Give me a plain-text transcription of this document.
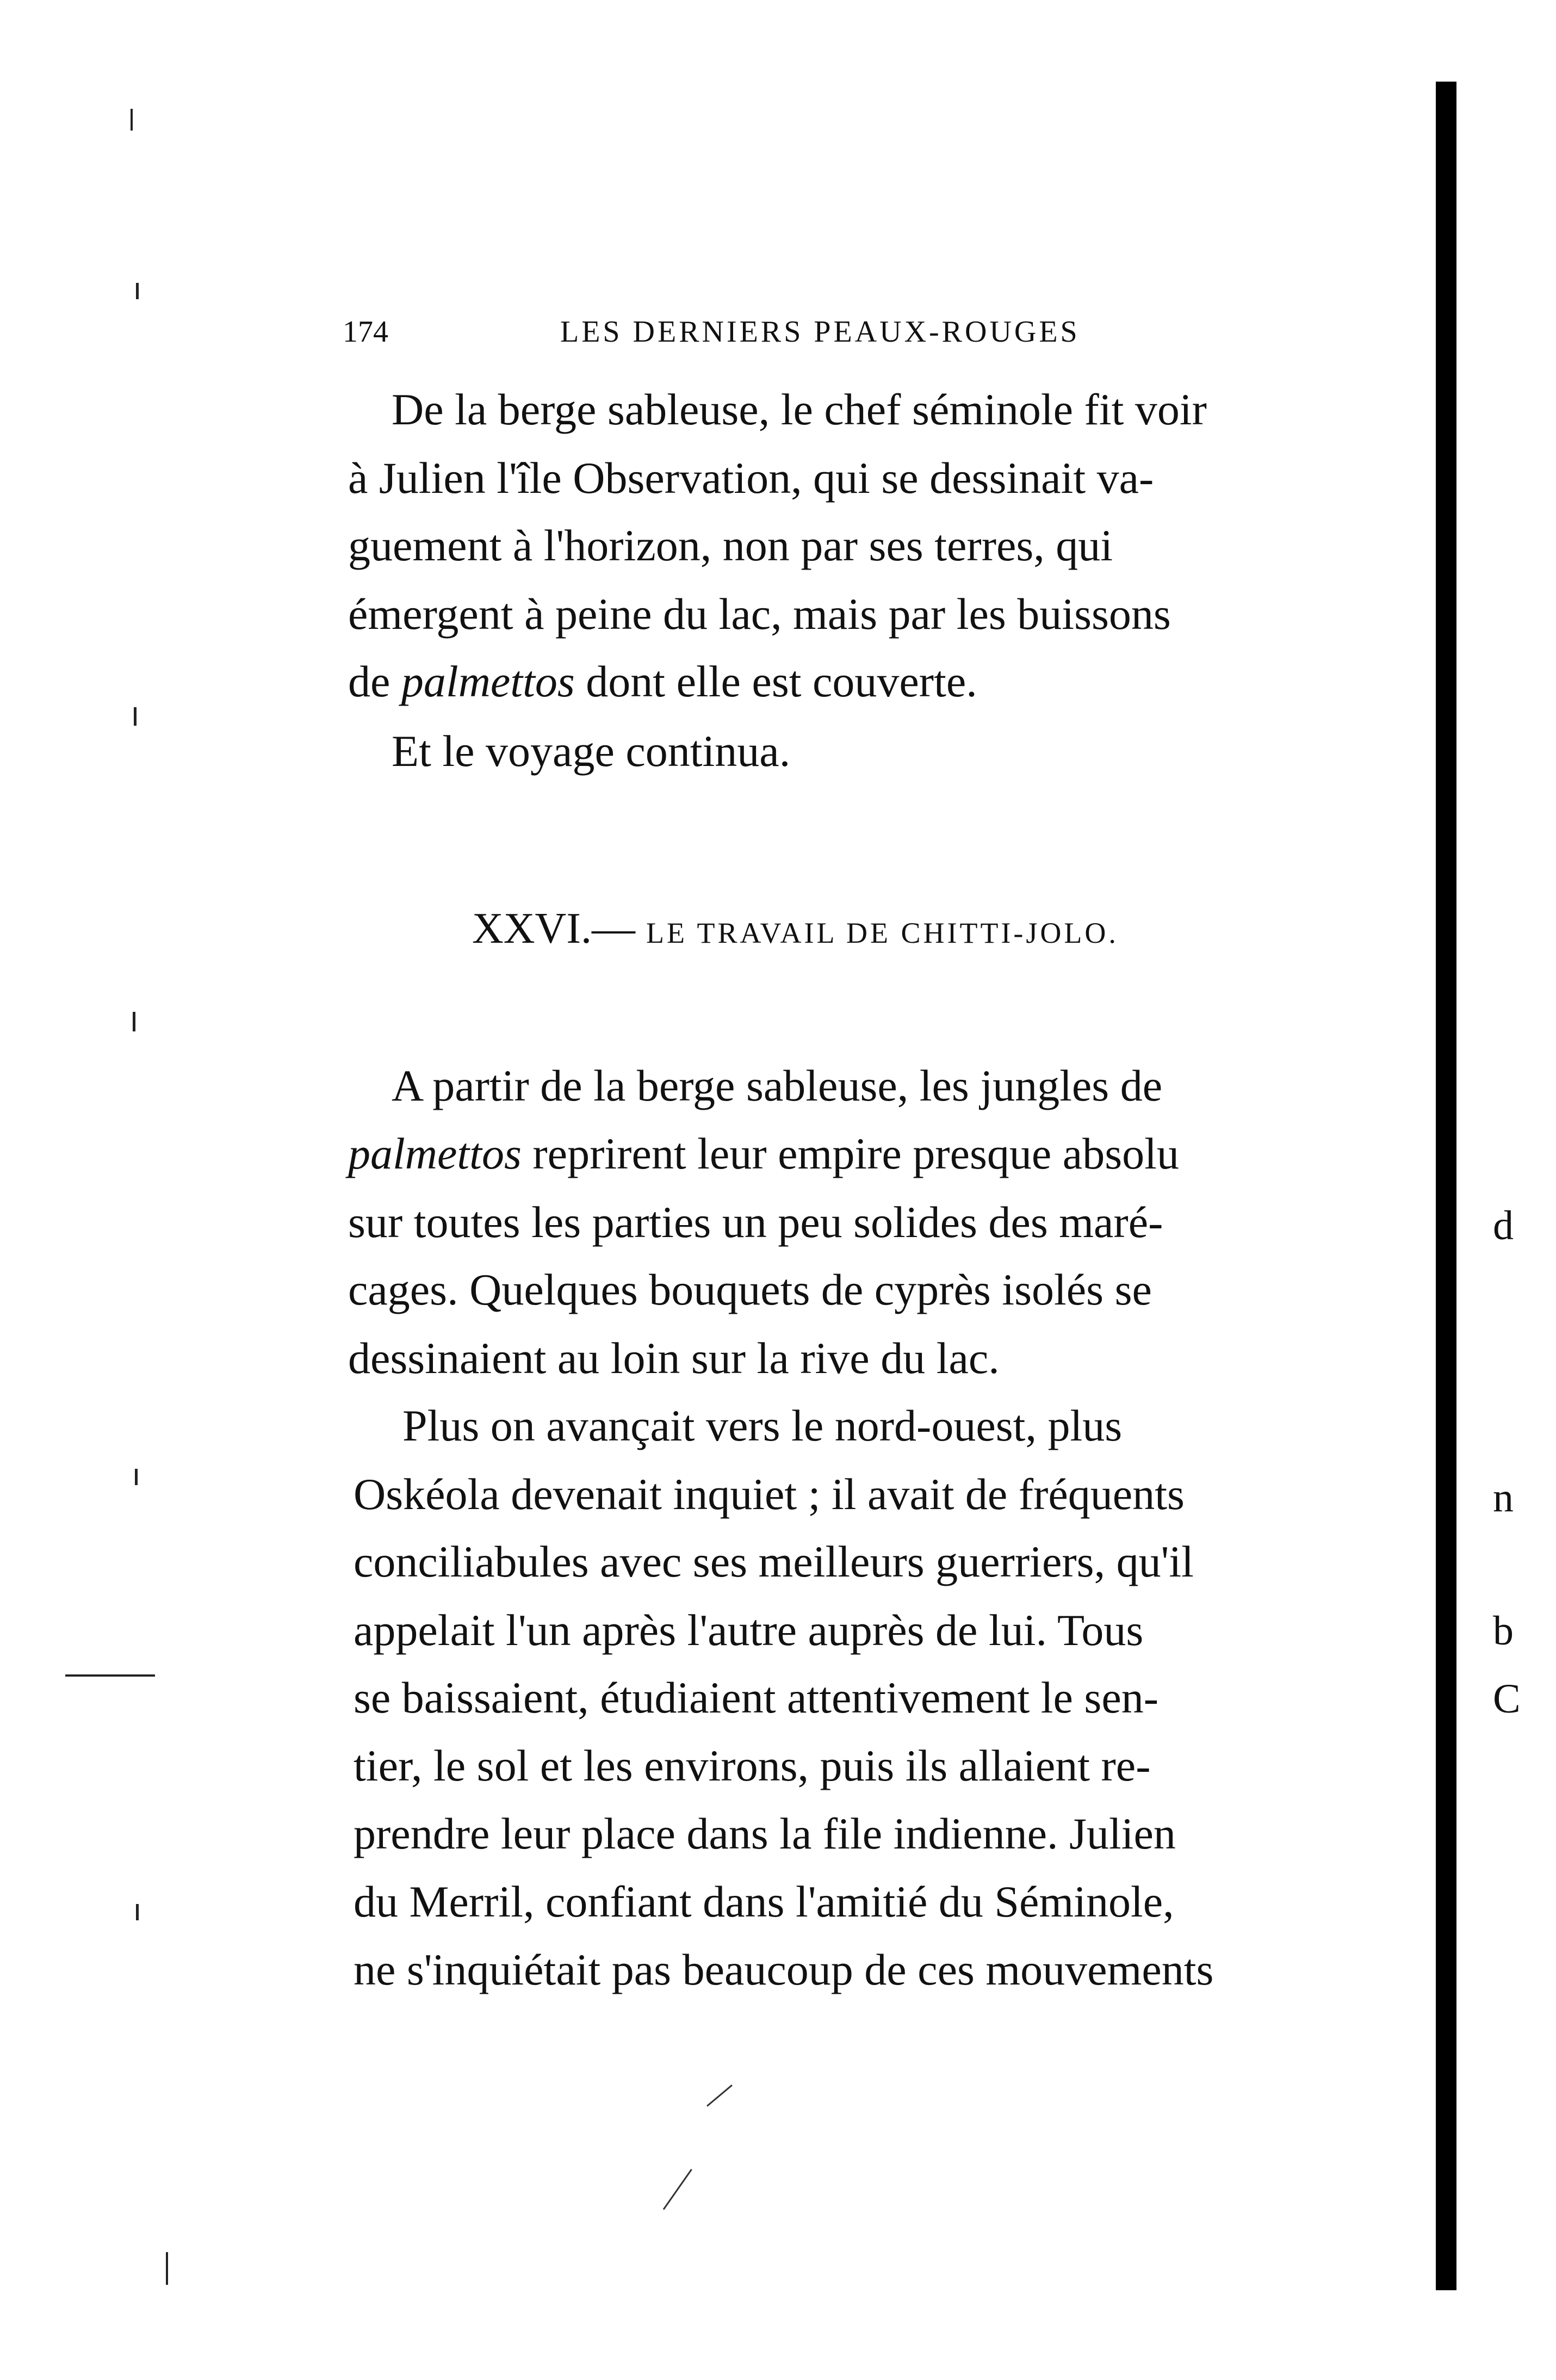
174	LES DERNIERS PEAUX-ROUGES
De la berge sableuse, le chef séminole fit voir
à Julien l'île Observation, qui se dessinait va-
guement à l'horizon, non par ses terres, qui
émergent à peine du lac, mais par les buissons
de palmettos dont elle est couverte.
Et le voyage continua.
XXVI.— LE TRAVAIL DE CHITTI-JOLO.
A partir de la berge sableuse, les jungles de
palmettos reprirent leur empire presque absolu
sur toutes les parties un peu solides des maré-
cages. Quelques bouquets de cyprès isolés se
dessinaient au loin sur la rive du lac.
Plus on avançait vers le nord-ouest, plus
Oskéola devenait inquiet ; il avait de fréquents
conciliabules avec ses meilleurs guerriers, qu'il
appelait l'un après l'autre auprès de lui. Tous
se baissaient, étudiaient attentivement le sen-
tier, le sol et les environs, puis ils allaient re-
prendre leur place dans la file indienne. Julien
du Merril, confiant dans l'amitié du Séminole,
ne s'inquiétait pas beaucoup de ces mouvements
d
n
b
C
